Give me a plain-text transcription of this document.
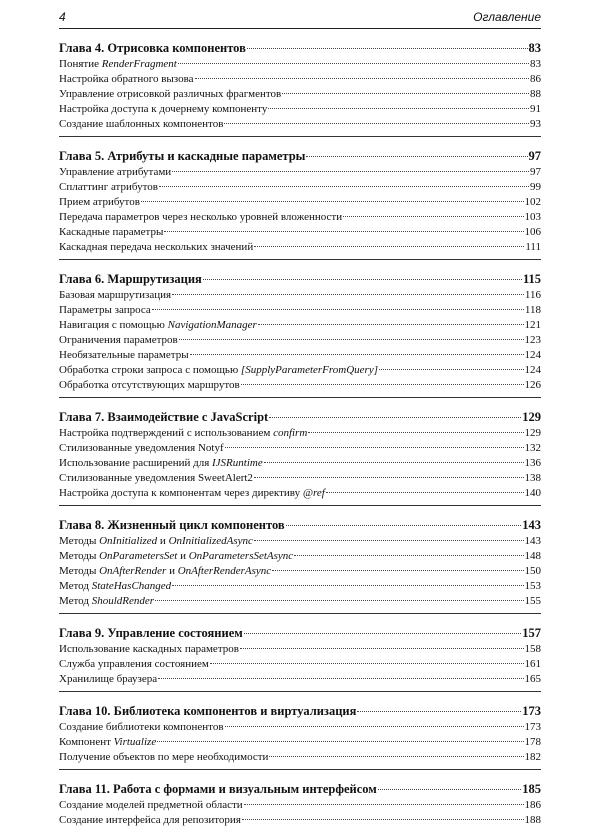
4	Оглавление
Глава 4. Отрисовка компонентов	83
Понятие RenderFragment	83
Настройка обратного вызова	86
Управление отрисовкой различных фрагментов	88
Настройка доступа к дочернему компоненту	91
Создание шаблонных компонентов	93
Глава 5. Атрибуты и каскадные параметры	97
Управление атрибутами	97
Сплаттинг атрибутов	99
Прием атрибутов	102
Передача параметров через несколько уровней вложенности	103
Каскадные параметры	106
Каскадная передача нескольких значений	111
Глава 6. Маршрутизация	115
Базовая маршрутизация	116
Параметры запроса	118
Навигация с помощью NavigationManager	121
Ограничения параметров	123
Необязательные параметры	124
Обработка строки запроса с помощью [SupplyParameterFromQuery]	124
Обработка отсутствующих маршрутов	126
Глава 7. Взаимодействие с JavaScript	129
Настройка подтверждений с использованием confirm	129
Стилизованные уведомления Notyf	132
Использование расширений для IJSRuntime	136
Стилизованные уведомления SweetAlert2	138
Настройка доступа к компонентам через директиву @ref	140
Глава 8. Жизненный цикл компонентов	143
Методы OnInitialized и OnInitializedAsync	143
Методы OnParametersSet и OnParametersSetAsync	148
Методы OnAfterRender и OnAfterRenderAsync	150
Метод StateHasChanged	153
Метод ShouldRender	155
Глава 9. Управление состоянием	157
Использование каскадных параметров	158
Служба управления состоянием	161
Хранилище браузера	165
Глава 10. Библиотека компонентов и виртуализация	173
Создание библиотеки компонентов	173
Компонент Virtualize	178
Получение объектов по мере необходимости	182
Глава 11. Работа с формами и визуальным интерфейсом	185
Создание моделей предметной области	186
Создание интерфейса для репозитория	188
